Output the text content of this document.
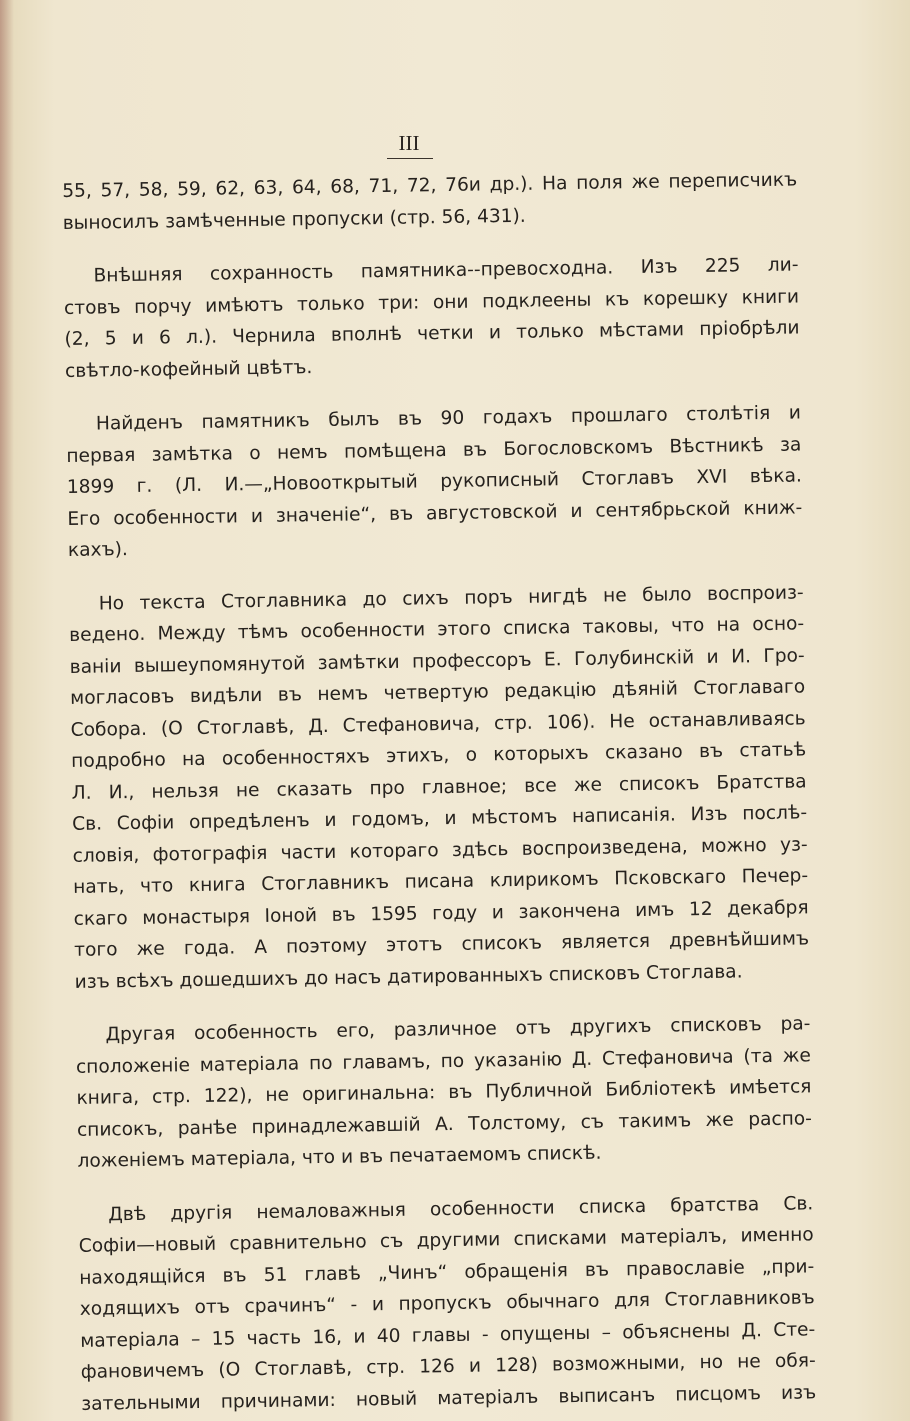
III

55, 57, 58, 59, 62, 63, 64, 68, 71, 72, 76и др.). На поля же переписчикъ
выносилъ замѣченные пропуски (стр. 56, 431).

Внѣшняя сохранность памятника--превосходна. Изъ 225 ли-
стовъ порчу имѣютъ только три: они подклеены къ корешку книги
(2, 5 и 6 л.). Чернила вполнѣ четки и только мѣстами пріобрѣли
свѣтло-кофейный цвѣтъ.

Найденъ памятникъ былъ въ 90 годахъ прошлаго столѣтія и
первая замѣтка о немъ помѣщена въ Богословскомъ Вѣстникѣ за
1899 г. (Л. И.—„Новооткрытый рукописный Стоглавъ XVI вѣка.
Его особенности и значеніе“, въ августовской и сентябрьской книж-
кахъ).

Но текста Стоглавника до сихъ поръ нигдѣ не было воспроиз-
ведено. Между тѣмъ особенности этого списка таковы, что на осно-
ваніи вышеупомянутой замѣтки профессоръ Е. Голубинскій и И. Гро-
могласовъ видѣли въ немъ четвертую редакцію дѣяній Стоглаваго
Собора. (О Стоглавѣ, Д. Стефановича, стр. 106). Не останавливаясь
подробно на особенностяхъ этихъ, о которыхъ сказано въ статьѣ
Л. И., нельзя не сказать про главное; все же списокъ Братства
Св. Софіи опредѣленъ и годомъ, и мѣстомъ написанія. Изъ послѣ-
словія, фотографія части котораго здѣсь воспроизведена, можно уз-
нать, что книга Стоглавникъ писана клирикомъ Псковскаго Печер-
скаго монастыря Іоной въ 1595 году и закончена имъ 12 декабря
того же года. А поэтому этотъ списокъ является древнѣйшимъ
изъ всѣхъ дошедшихъ до насъ датированныхъ списковъ Стоглава.

Другая особенность его, различное отъ другихъ списковъ ра-
сположеніе матеріала по главамъ, по указанію Д. Стефановича (та же
книга, стр. 122), не оригинальна: въ Публичной Библіотекѣ имѣется
списокъ, ранѣе принадлежавшій А. Толстому, съ такимъ же распо-
ложеніемъ матеріала, что и въ печатаемомъ спискѣ.

Двѣ другія немаловажныя особенности списка братства Св.
Софіи—новый сравнительно съ другими списками матеріалъ, именно
находящійся въ 51 главѣ „Чинъ“ обращенія въ православіе „при-
ходящихъ отъ срачинъ“ - и пропускъ обычнаго для Стоглавниковъ
матеріала – 15 часть 16, и 40 главы - опущены – объяснены Д. Сте-
фановичемъ (О Стоглавѣ, стр. 126 и 128) возможными, но не обя-
зательными причинами: новый матеріалъ выписанъ писцомъ изъ
